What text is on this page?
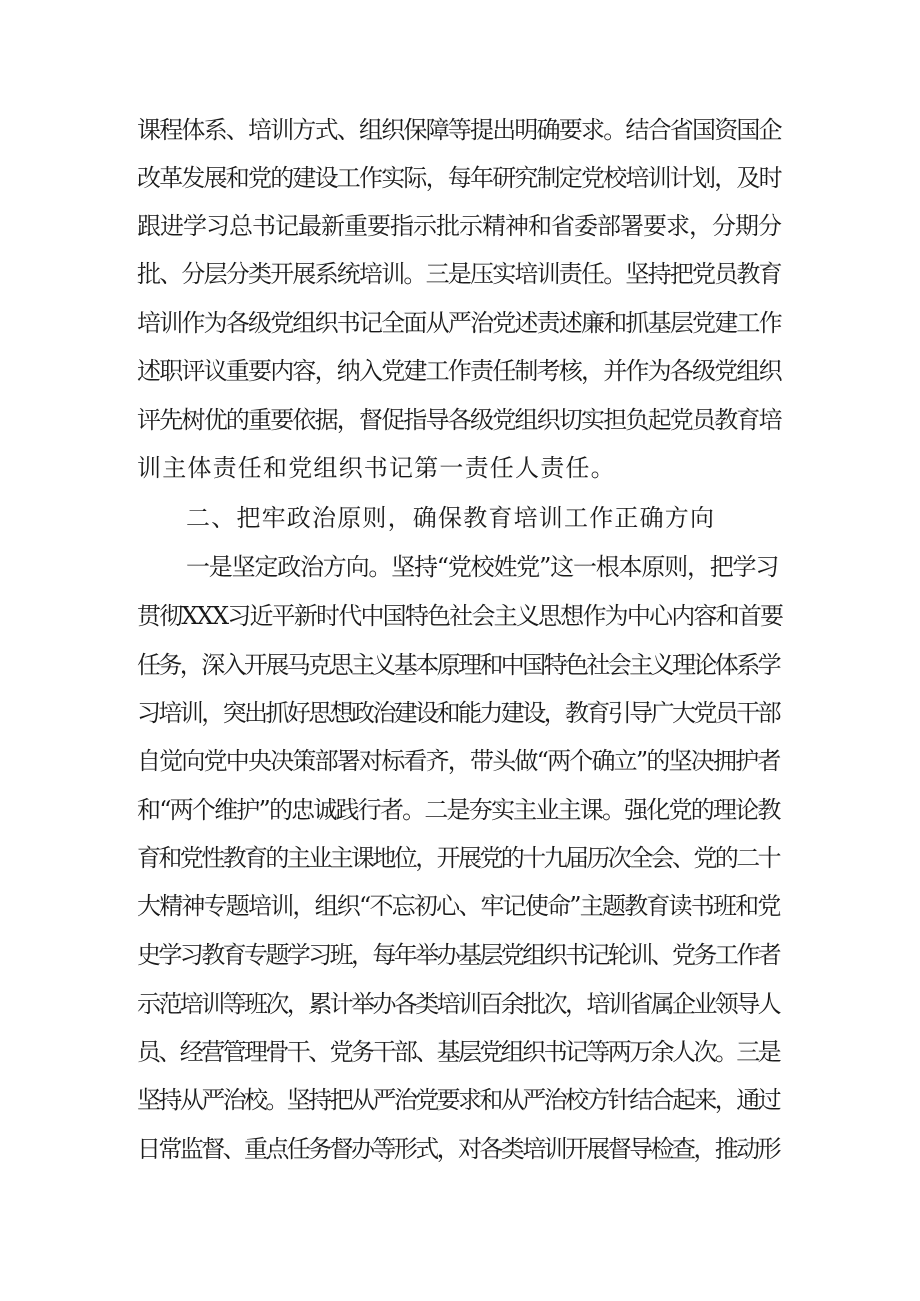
课程体系、培训方式、组织保障等提出明确要求。结合省国资国企
改革发展和党的建设工作实际，每年研究制定党校培训计划，及时
跟进学习总书记最新重要指示批示精神和省委部署要求，分期分
批、分层分类开展系统培训。三是压实培训责任。坚持把党员教育
培训作为各级党组织书记全面从严治党述责述廉和抓基层党建工作
述职评议重要内容，纳入党建工作责任制考核，并作为各级党组织
评先树优的重要依据，督促指导各级党组织切实担负起党员教育培
训主体责任和党组织书记第一责任人责任。
二、把牢政治原则，确保教育培训工作正确方向
一是坚定政治方向。坚持“党校姓党”这一根本原则，把学习
贯彻XXX习近平新时代中国特色社会主义思想作为中心内容和首要
任务，深入开展马克思主义基本原理和中国特色社会主义理论体系学
习培训，突出抓好思想政治建设和能力建设，教育引导广大党员干部
自觉向党中央决策部署对标看齐，带头做“两个确立”的坚决拥护者
和“两个维护”的忠诚践行者。二是夯实主业主课。强化党的理论教
育和党性教育的主业主课地位，开展党的十九届历次全会、党的二十
大精神专题培训，组织“不忘初心、牢记使命”主题教育读书班和党
史学习教育专题学习班，每年举办基层党组织书记轮训、党务工作者
示范培训等班次，累计举办各类培训百余批次，培训省属企业领导人
员、经营管理骨干、党务干部、基层党组织书记等两万余人次。三是
坚持从严治校。坚持把从严治党要求和从严治校方针结合起来，通过
日常监督、重点任务督办等形式，对各类培训开展督导检查，推动形
